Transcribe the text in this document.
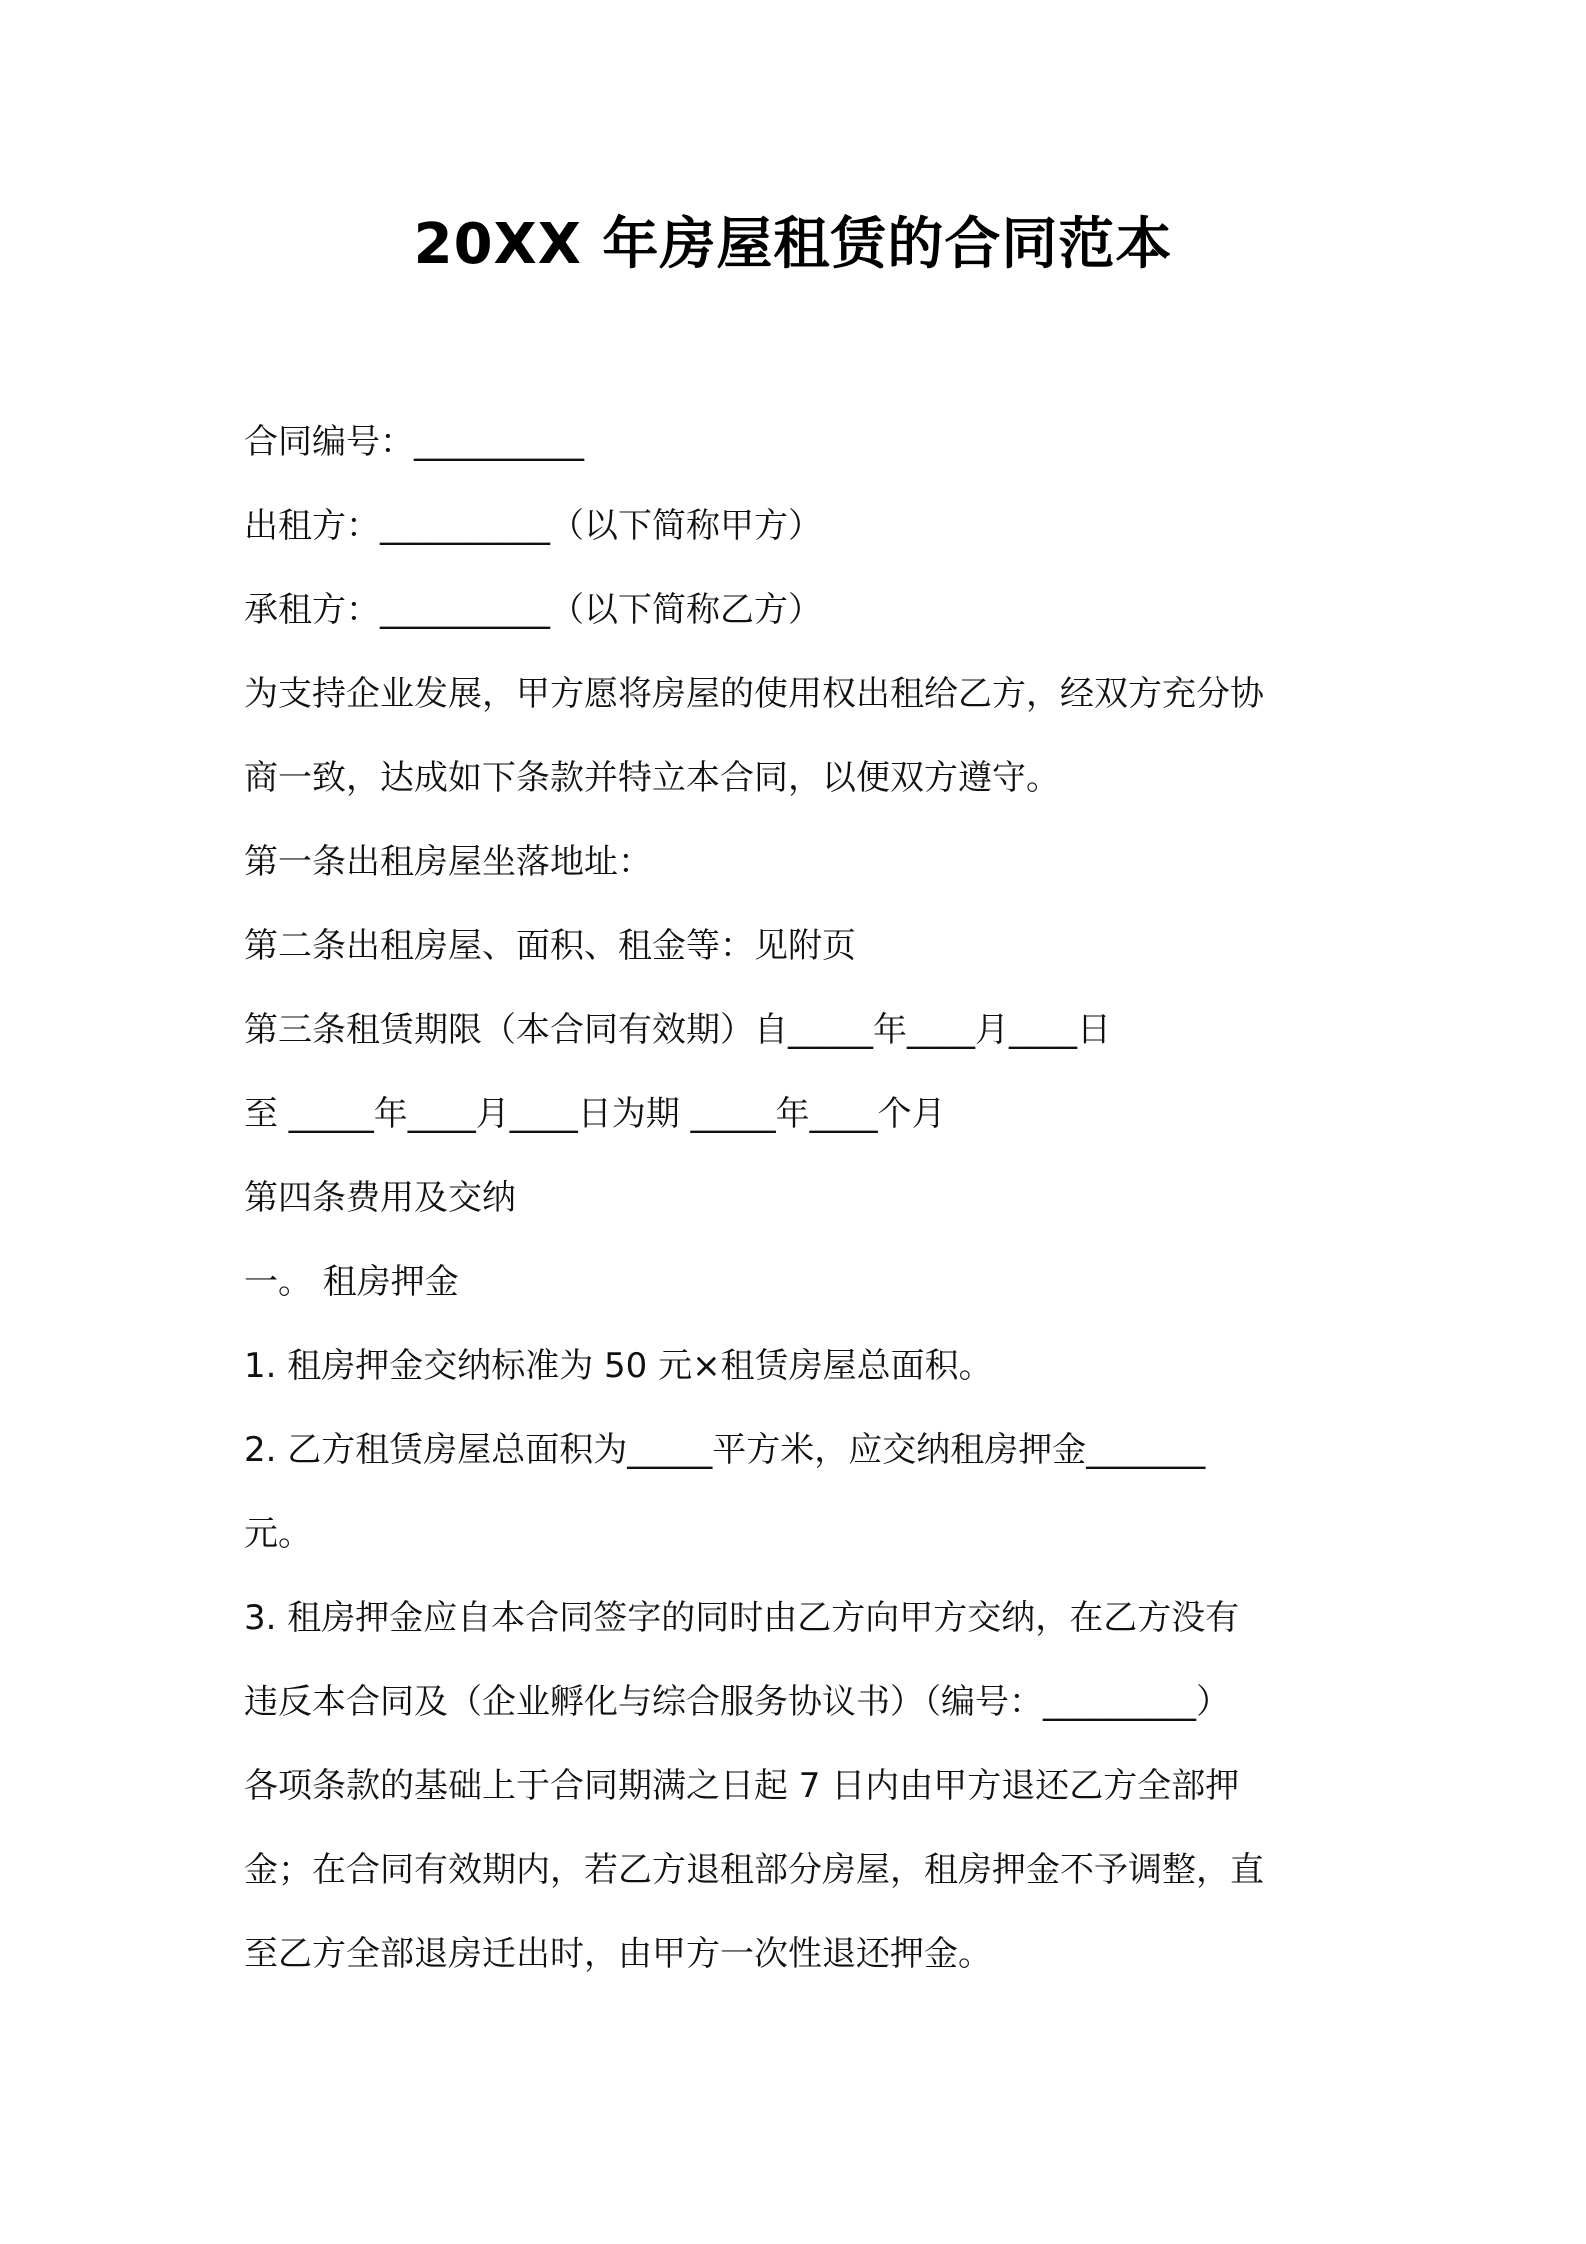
20XX 年房屋租赁的合同范本
合同编号：__________
出租方：__________（以下简称甲方）
承租方：__________（以下简称乙方）
为支持企业发展，甲方愿将房屋的使用权出租给乙方，经双方充分协
商一致，达成如下条款并特立本合同，以便双方遵守。
第一条出租房屋坐落地址：
第二条出租房屋、面积、租金等：见附页
第三条租赁期限（本合同有效期）自_____年____月____日
至 _____年____月____日为期 _____年____个月
第四条费用及交纳
一。 租房押金
1. 租房押金交纳标准为 50 元×租赁房屋总面积。
2. 乙方租赁房屋总面积为_____平方米，应交纳租房押金_______
元。
3. 租房押金应自本合同签字的同时由乙方向甲方交纳，在乙方没有
违反本合同及（企业孵化与综合服务协议书）（编号：_________）
各项条款的基础上于合同期满之日起 7 日内由甲方退还乙方全部押
金；在合同有效期内，若乙方退租部分房屋，租房押金不予调整，直
至乙方全部退房迁出时，由甲方一次性退还押金。
